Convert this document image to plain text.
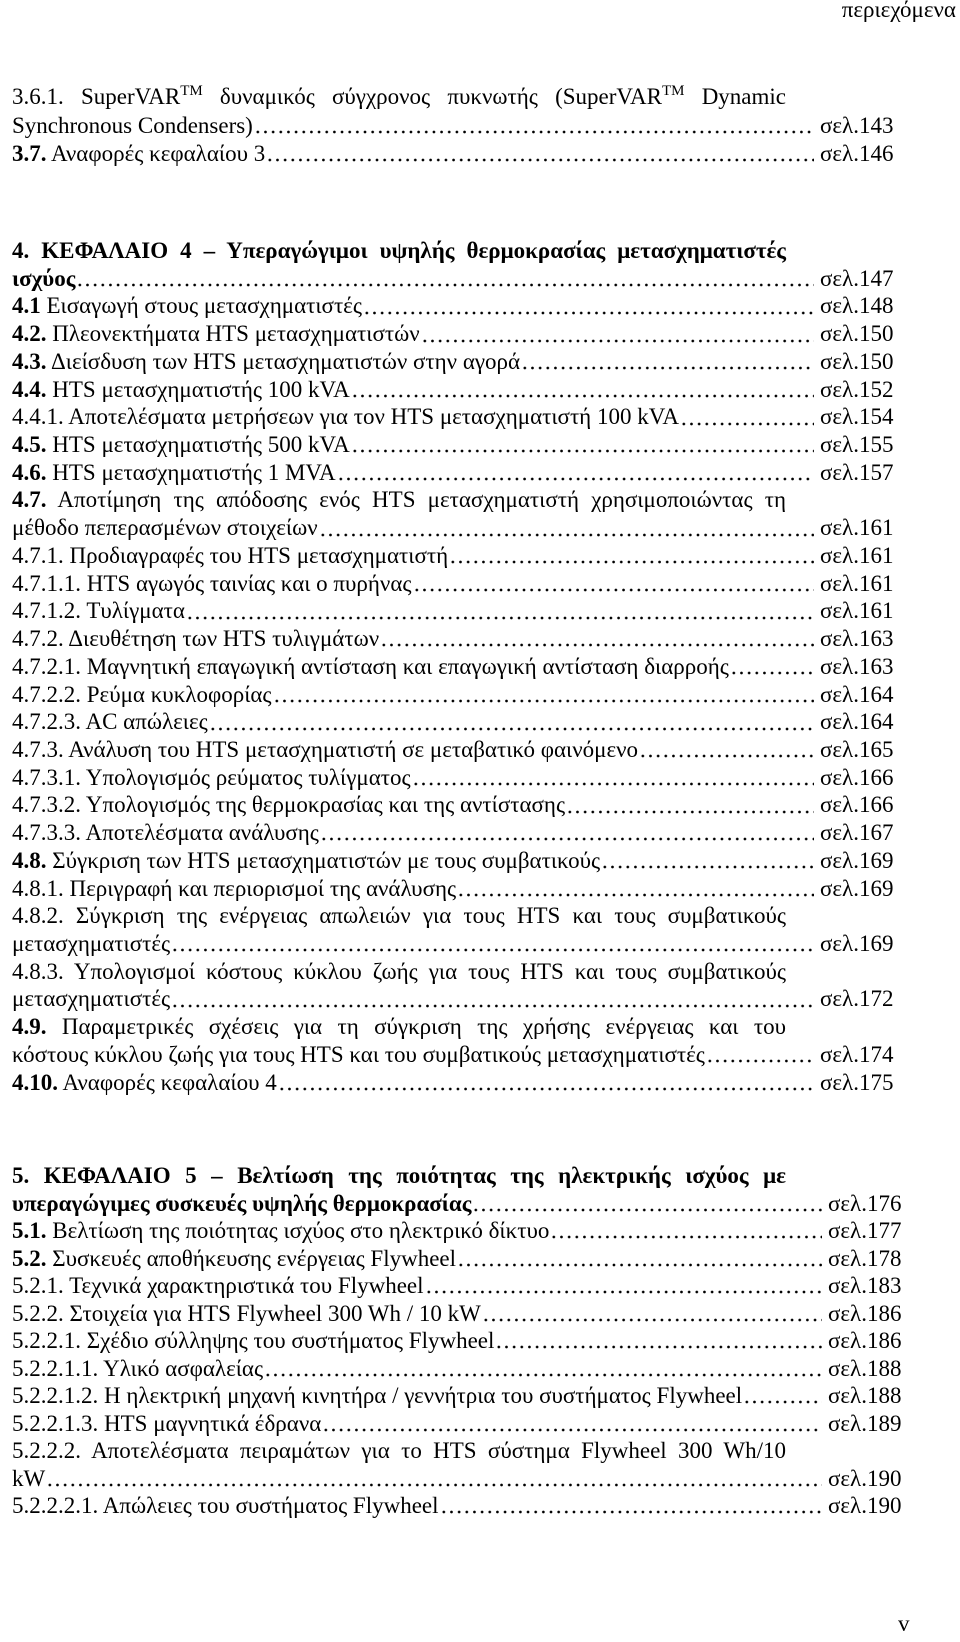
περιεχόμενα
3.6.1. SuperVAR™ δυναμικός σύγχρονος πυκνωτής (SuperVAR™ Dynamic
Synchronous Condensers)	σελ.143
3.7. Αναφορές κεφαλαίου 3	σελ.146
4. ΚΕΦΑΛΑΙΟ 4 – Υπεραγώγιμοι υψηλής θερμοκρασίας μετασχηματιστές
ισχύος	σελ.147
4.1 Εισαγωγή στους μετασχηματιστές	σελ.148
4.2. Πλεονεκτήματα HTS μετασχηματιστών	σελ.150
4.3. Διείσδυση των HTS μετασχηματιστών στην αγορά	σελ.150
4.4. HTS μετασχηματιστής 100 kVA	σελ.152
4.4.1. Αποτελέσματα μετρήσεων για τον HTS μετασχηματιστή 100 kVA	σελ.154
4.5. HTS μετασχηματιστής 500 kVA	σελ.155
4.6. HTS μετασχηματιστής 1 MVA	σελ.157
4.7. Αποτίμηση της απόδοσης ενός HTS μετασχηματιστή χρησιμοποιώντας τη
μέθοδο πεπερασμένων στοιχείων	σελ.161
4.7.1. Προδιαγραφές του HTS μετασχηματιστή	σελ.161
4.7.1.1. HTS αγωγός ταινίας και ο πυρήνας	σελ.161
4.7.1.2. Τυλίγματα	σελ.161
4.7.2. Διευθέτηση των HTS τυλιγμάτων	σελ.163
4.7.2.1. Μαγνητική επαγωγική αντίσταση και επαγωγική αντίσταση διαρροής	σελ.163
4.7.2.2. Ρεύμα κυκλοφορίας	σελ.164
4.7.2.3. AC απώλειες	σελ.164
4.7.3. Ανάλυση του HTS μετασχηματιστή σε μεταβατικό φαινόμενο	σελ.165
4.7.3.1. Υπολογισμός ρεύματος τυλίγματος	σελ.166
4.7.3.2. Υπολογισμός της θερμοκρασίας και της αντίστασης	σελ.166
4.7.3.3. Αποτελέσματα ανάλυσης	σελ.167
4.8. Σύγκριση των HTS μετασχηματιστών με τους συμβατικούς	σελ.169
4.8.1. Περιγραφή και περιορισμοί της ανάλυσης	σελ.169
4.8.2. Σύγκριση της ενέργειας απωλειών για τους HTS και τους συμβατικούς
μετασχηματιστές	σελ.169
4.8.3. Υπολογισμοί κόστους κύκλου ζωής για τους HTS και τους συμβατικούς
μετασχηματιστές	σελ.172
4.9. Παραμετρικές σχέσεις για τη σύγκριση της χρήσης ενέργειας και του
κόστους κύκλου ζωής για τους HTS και του συμβατικούς μετασχηματιστές	σελ.174
4.10. Αναφορές κεφαλαίου 4	σελ.175
5. ΚΕΦΑΛΑΙΟ 5 – Βελτίωση της ποιότητας της ηλεκτρικής ισχύος με
υπεραγώγιμες συσκευές υψηλής θερμοκρασίας	σελ.176
5.1. Βελτίωση της ποιότητας ισχύος στο ηλεκτρικό δίκτυο	σελ.177
5.2. Συσκευές αποθήκευσης ενέργειας Flywheel	σελ.178
5.2.1. Τεχνικά χαρακτηριστικά του Flywheel	σελ.183
5.2.2. Στοιχεία για HTS Flywheel 300 Wh / 10 kW	σελ.186
5.2.2.1. Σχέδιο σύλληψης του συστήματος Flywheel	σελ.186
5.2.2.1.1. Υλικό ασφαλείας	σελ.188
5.2.2.1.2. Η ηλεκτρική μηχανή κινητήρα / γεννήτρια του συστήματος Flywheel	σελ.188
5.2.2.1.3. HTS μαγνητικά έδρανα	σελ.189
5.2.2.2. Αποτελέσματα πειραμάτων για το HTS σύστημα Flywheel 300 Wh/10
kW	σελ.190
5.2.2.2.1. Απώλειες του συστήματος Flywheel	σελ.190
v
